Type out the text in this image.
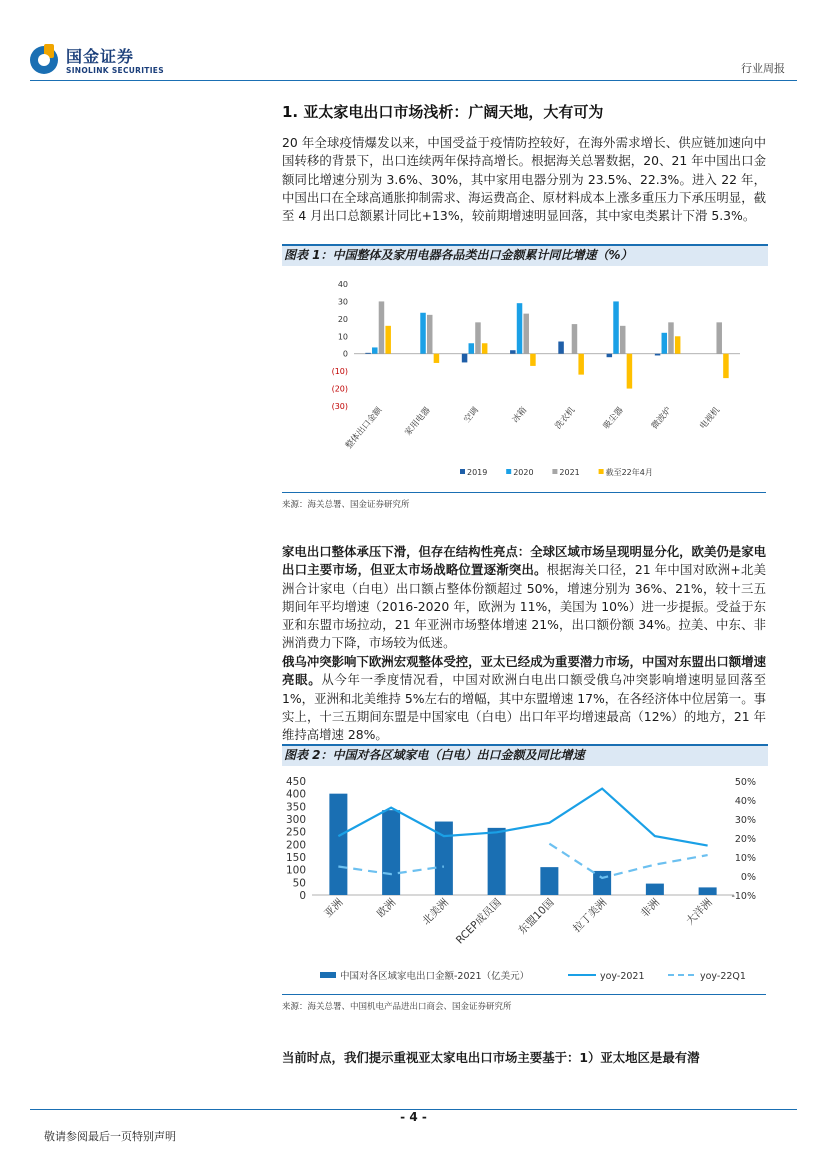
国金证券
SINOLINK SECURITIES	行业周报
1. 亚太家电出口市场浅析：广阔天地，大有可为
20 年全球疫情爆发以来，中国受益于疫情防控较好，在海外需求增长、供应链加速向中国转移的背景下，出口连续两年保持高增长。根据海关总署数据，20、21 年中国出口金额同比增速分别为 3.6%、30%，其中家用电器分别为 23.5%、22.3%。进入 22 年，中国出口在全球高通胀抑制需求、海运费高企、原材料成本上涨多重压力下承压明显，截至 4 月出口总额累计同比+13%，较前期增速明显回落，其中家电类累计下滑 5.3%。
图表 1：中国整体及家用电器各品类出口金额累计同比增速（%）
(30)
(20)
(10)
0
10
20
30
40
整体出口金额 家用电器	空调	冰箱	洗衣机	吸尘器	微波炉	电视机
2019	2020	2021	截至22年4月
来源：海关总署、国金证券研究所
家电出口整体承压下滑，但存在结构性亮点：全球区域市场呈现明显分化，欧美仍是家电出口主要市场，但亚太市场战略位置逐渐突出。根据海关口径，21 年中国对欧洲+北美洲合计家电（白电）出口额占整体份额超过 50%，增速分别为 36%、21%，较十三五期间年平均增速（2016-2020 年，欧洲为 11%，美国为 10%）进一步提振。受益于东亚和东盟市场拉动，21 年亚洲市场整体增速 21%，出口额份额 34%。拉美、中东、非洲消费力下降，市场较为低迷。
俄乌冲突影响下欧洲宏观整体受控，亚太已经成为重要潜力市场，中国对东盟出口额增速亮眼。从今年一季度情况看，中国对欧洲白电出口额受俄乌冲突影响增速明显回落至 1%，亚洲和北美维持 5%左右的增幅，其中东盟增速 17%，在各经济体中位居第一。事实上，十三五期间东盟是中国家电（白电）出口年平均增速最高（12%）的地方，21 年维持高增速 28%。
图表 2：中国对各区域家电（白电）出口金额及同比增速
0
50
100
150
200
250
300
350
400
450
-10%
0%
10%
20%
30%
40%
50%
亚洲	欧洲 北美洲 RCEP成员国 东盟10国 拉丁美洲	非洲 大洋洲
中国对各区域家电出口金额-2021（亿美元）	yoy-2021	yoy-22Q1
来源：海关总署、中国机电产品进出口商会、国金证券研究所
当前时点，我们提示重视亚太家电出口市场主要基于：1）亚太地区是最有潜
- 4 -
敬请参阅最后一页特别声明
